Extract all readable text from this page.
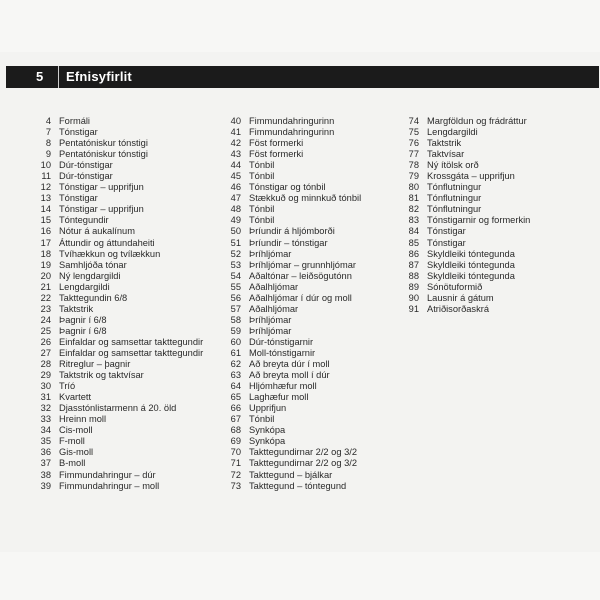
5 Efnisyfirlit
4 Formáli
7 Tónstigar
8 Pentatóniskur tónstigi
9 Pentatóniskur tónstigi
10 Dúr-tónstigar
11 Dúr-tónstigar
12 Tónstigar – upprifjun
13 Tónstigar
14 Tónstigar – upprifjun
15 Tóntegundir
16 Nótur á aukalínum
17 Áttundir og áttundaheiti
18 Tvíhækkun og tvílækkun
19 Samhljóða tónar
20 Ný lengdargildi
21 Lengdargildi
22 Takttegundin 6/8
23 Taktstrik
24 Þagnir í 6/8
25 Þagnir í 6/8
26 Einfaldar og samsettar takttegundir
27 Einfaldar og samsettar takttegundir
28 Ritreglur – þagnir
29 Taktstrik og taktvísar
30 Tríó
31 Kvartett
32 Djasstónlistarmenn á 20. öld
33 Hreinn moll
34 Cis-moll
35 F-moll
36 Gis-moll
37 B-moll
38 Fimmundahringur – dúr
39 Fimmundahringur – moll
40 Fimmundahringurinn
41 Fimmundahringurinn
42 Föst formerki
43 Föst formerki
44 Tónbil
45 Tónbil
46 Tónstigar og tónbil
47 Stækkuð og minnkuð tónbil
48 Tónbil
49 Tónbil
50 Þríundir á hljómborði
51 Þríundir – tónstigar
52 Þríhljómar
53 Þríhljómar – grunnhljómar
54 Aðaltónar – leiðsögutónn
55 Aðalhljómar
56 Aðalhljómar í dúr og moll
57 Aðalhljómar
58 Þríhljómar
59 Þríhljómar
60 Dúr-tónstigarnir
61 Moll-tónstigarnir
62 Að breyta dúr í moll
63 Að breyta moll í dúr
64 Hljómhæfur moll
65 Laghæfur moll
66 Upprifjun
67 Tónbil
68 Synkópa
69 Synkópa
70 Takttegundirnar 2/2 og 3/2
71 Takttegundirnar 2/2 og 3/2
72 Takttegund – bjálkar
73 Takttegund – tóntegund
74 Margföldun og frádráttur
75 Lengdargildi
76 Taktstrik
77 Taktvísar
78 Ný ítölsk orð
79 Krossgáta – upprifjun
80 Tónflutningur
81 Tónflutningur
82 Tónflutningur
83 Tónstigarnir og formerkin
84 Tónstigar
85 Tónstigar
86 Skyldleiki tóntegunda
87 Skyldleiki tóntegunda
88 Skyldleiki tóntegunda
89 Sónötuformið
90 Lausnir á gátum
91 Atriðisorðaskrá
